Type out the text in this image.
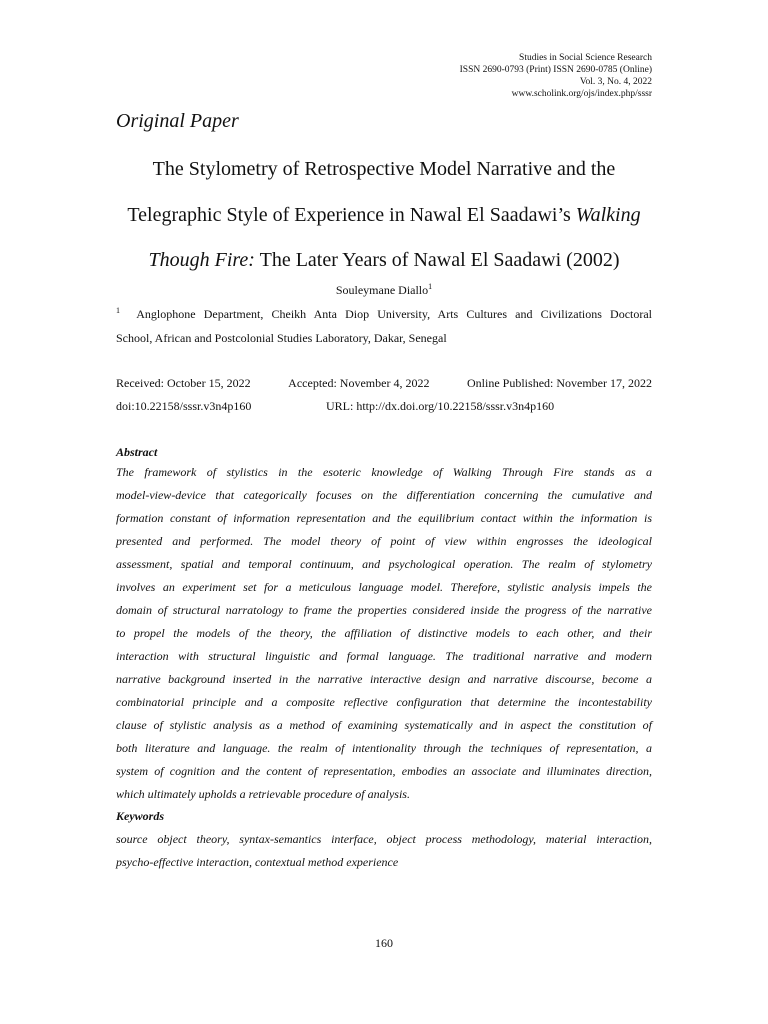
Studies in Social Science Research
ISSN 2690-0793 (Print) ISSN 2690-0785 (Online)
Vol. 3, No. 4, 2022
www.scholink.org/ojs/index.php/sssr
Original Paper
The Stylometry of Retrospective Model Narrative and the
Telegraphic Style of Experience in Nawal El Saadawi’s Walking
Though Fire: The Later Years of Nawal El Saadawi (2002)
Souleymane Diallo$^1$
$^1$ Anglophone Department, Cheikh Anta Diop University, Arts Cultures and Civilizations Doctoral
School, African and Postcolonial Studies Laboratory, Dakar, Senegal
Received: October 15, 2022	Accepted: November 4, 2022	Online Published: November 17, 2022
doi:10.22158/sssr.v3n4p160	URL: http://dx.doi.org/10.22158/sssr.v3n4p160
Abstract
The framework of stylistics in the esoteric knowledge of Walking Through Fire stands as a
model-view-device that categorically focuses on the differentiation concerning the cumulative and
formation constant of information representation and the equilibrium contact within the information is
presented and performed. The model theory of point of view within engrosses the ideological
assessment, spatial and temporal continuum, and psychological operation. The realm of stylometry
involves an experiment set for a meticulous language model. Therefore, stylistic analysis impels the
domain of structural narratology to frame the properties considered inside the progress of the narrative
to propel the models of the theory, the affiliation of distinctive models to each other, and their
interaction with structural linguistic and formal language. The traditional narrative and modern
narrative background inserted in the narrative interactive design and narrative discourse, become a
combinatorial principle and a composite reflective configuration that determine the incontestability
clause of stylistic analysis as a method of examining systematically and in aspect the constitution of
both literature and language. the realm of intentionality through the techniques of representation, a
system of cognition and the content of representation, embodies an associate and illuminates direction,
which ultimately upholds a retrievable procedure of analysis.
Keywords
source object theory, syntax-semantics interface, object process methodology, material interaction,
psycho-effective interaction, contextual method experience
160
